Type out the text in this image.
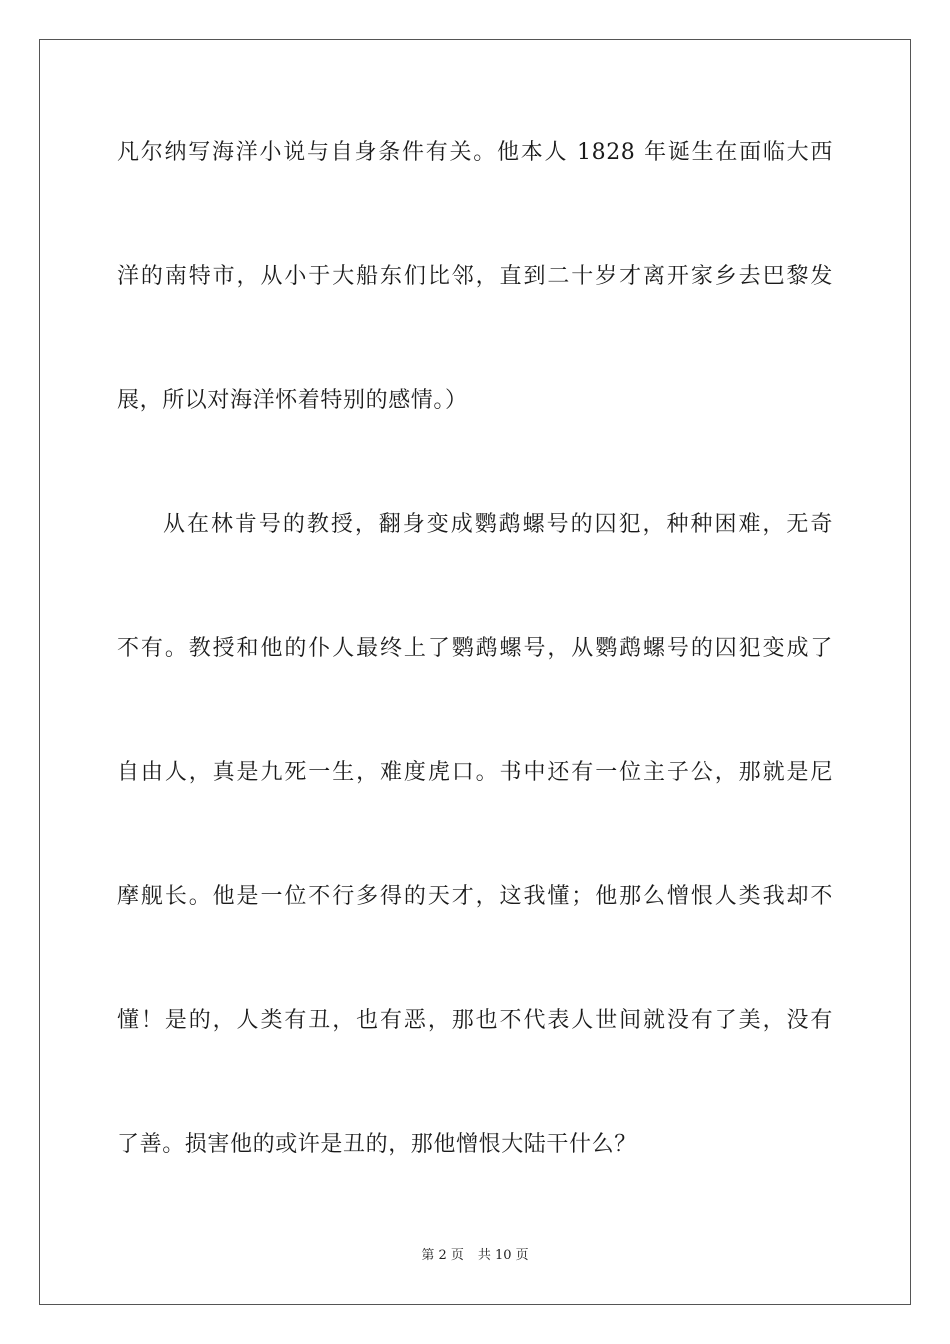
凡尔纳写海洋小说与自身条件有关。他本人 1828 年诞生在面临大西
洋的南特市，从小于大船东们比邻，直到二十岁才离开家乡去巴黎发
展，所以对海洋怀着特别的感情。）
从在林肯号的教授，翻身变成鹦鹉螺号的囚犯，种种困难，无奇
不有。教授和他的仆人最终上了鹦鹉螺号，从鹦鹉螺号的囚犯变成了
自由人，真是九死一生，难度虎口。书中还有一位主子公，那就是尼
摩舰长。他是一位不行多得的天才，这我懂；他那么憎恨人类我却不
懂！是的，人类有丑，也有恶，那也不代表人世间就没有了美，没有
了善。损害他的或许是丑的，那他憎恨大陆干什么？
第 2 页 共 10 页
